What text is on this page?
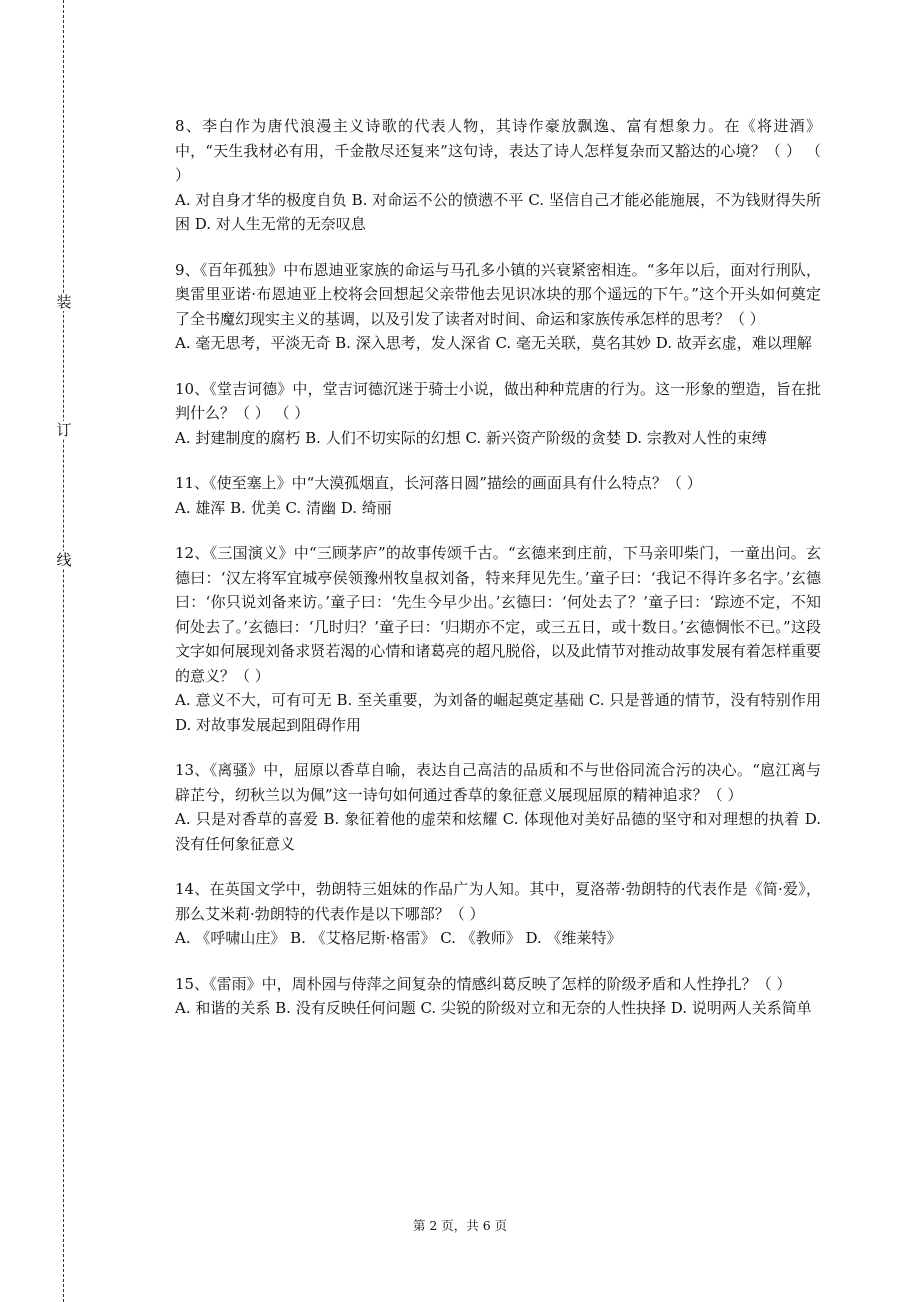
装
订
线

8、李白作为唐代浪漫主义诗歌的代表人物，其诗作豪放飘逸、富有想象力。在《将进酒》中，“天生我材必有用，千金散尽还复来”这句诗，表达了诗人怎样复杂而又豁达的心境？（ ） （ ）

A. 对自身才华的极度自负 B. 对命运不公的愤懑不平 C. 坚信自己才能必能施展，不为钱财得失所困 D. 对人生无常的无奈叹息

9、《百年孤独》中布恩迪亚家族的命运与马孔多小镇的兴衰紧密相连。“多年以后，面对行刑队，奥雷里亚诺·布恩迪亚上校将会回想起父亲带他去见识冰块的那个遥远的下午。”这个开头如何奠定了全书魔幻现实主义的基调，以及引发了读者对时间、命运和家族传承怎样的思考？（ ）

A. 毫无思考，平淡无奇 B. 深入思考，发人深省 C. 毫无关联，莫名其妙 D. 故弄玄虚，难以理解

10、《堂吉诃德》中，堂吉诃德沉迷于骑士小说，做出种种荒唐的行为。这一形象的塑造，旨在批判什么？（ ） （ ）

A. 封建制度的腐朽 B. 人们不切实际的幻想 C. 新兴资产阶级的贪婪 D. 宗教对人性的束缚

11、《使至塞上》中“大漠孤烟直，长河落日圆”描绘的画面具有什么特点？（ ）

A. 雄浑 B. 优美 C. 清幽 D. 绮丽

12、《三国演义》中“三顾茅庐”的故事传颂千古。“玄德来到庄前，下马亲叩柴门，一童出问。玄德曰：‘汉左将军宜城亭侯领豫州牧皇叔刘备，特来拜见先生。’童子曰：‘我记不得许多名字。’玄德曰：‘你只说刘备来访。’童子曰：‘先生今早少出。’玄德曰：‘何处去了？’童子曰：‘踪迹不定，不知何处去了。’玄德曰：‘几时归？’童子曰：‘归期亦不定，或三五日，或十数日。’玄德惆怅不已。”这段文字如何展现刘备求贤若渴的心情和诸葛亮的超凡脱俗，以及此情节对推动故事发展有着怎样重要的意义？（ ）

A. 意义不大，可有可无 B. 至关重要，为刘备的崛起奠定基础 C. 只是普通的情节，没有特别作用 D. 对故事发展起到阻碍作用

13、《离骚》中，屈原以香草自喻，表达自己高洁的品质和不与世俗同流合污的决心。“扈江离与辟芷兮，纫秋兰以为佩”这一诗句如何通过香草的象征意义展现屈原的精神追求？（ ）

A. 只是对香草的喜爱 B. 象征着他的虚荣和炫耀 C. 体现他对美好品德的坚守和对理想的执着 D. 没有任何象征意义

14、在英国文学中，勃朗特三姐妹的作品广为人知。其中，夏洛蒂·勃朗特的代表作是《简·爱》，那么艾米莉·勃朗特的代表作是以下哪部？（ ）

A. 《呼啸山庄》 B. 《艾格尼斯·格雷》 C. 《教师》 D. 《维莱特》

15、《雷雨》中，周朴园与侍萍之间复杂的情感纠葛反映了怎样的阶级矛盾和人性挣扎？（ ）

A. 和谐的关系 B. 没有反映任何问题 C. 尖锐的阶级对立和无奈的人性抉择 D. 说明两人关系简单

第 2 页，共 6 页
